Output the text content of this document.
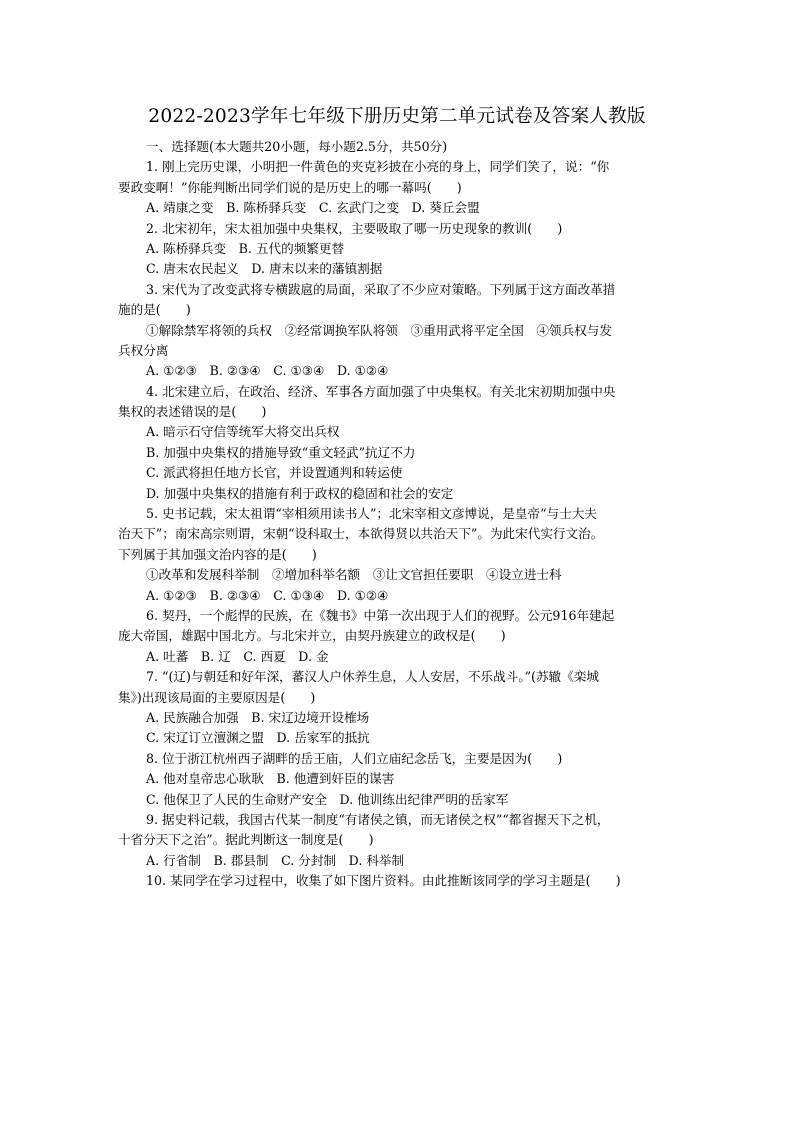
2022-2023学年七年级下册历史第二单元试卷及答案人教版
一、选择题(本大题共20小题，每小题2.5分，共50分)
1. 刚上完历史课，小明把一件黄色的夹克衫披在小亮的身上，同学们笑了，说：“你
要政变啊！”你能判断出同学们说的是历史上的哪一幕吗(　　)
A. 靖康之变　B. 陈桥驿兵变　C. 玄武门之变　D. 葵丘会盟
2. 北宋初年，宋太祖加强中央集权，主要吸取了哪一历史现象的教训(　　)
A. 陈桥驿兵变　B. 五代的频繁更替
C. 唐末农民起义　D. 唐末以来的藩镇割据
3. 宋代为了改变武将专横跋扈的局面，采取了不少应对策略。下列属于这方面改革措
施的是(　　)
①解除禁军将领的兵权　②经常调换军队将领　③重用武将平定全国　④领兵权与发
兵权分离
A. ①②③　B. ②③④　C. ①③④　D. ①②④
4. 北宋建立后，在政治、经济、军事各方面加强了中央集权。有关北宋初期加强中央
集权的表述错误的是(　　)
A. 暗示石守信等统军大将交出兵权
B. 加强中央集权的措施导致“重文轻武”抗辽不力
C. 派武将担任地方长官，并设置通判和转运使
D. 加强中央集权的措施有利于政权的稳固和社会的安定
5. 史书记载，宋太祖谓“宰相须用读书人”；北宋宰相文彦博说，是皇帝“与士大夫
治天下”；南宋高宗则谓，宋朝“设科取士，本欲得贤以共治天下”。为此宋代实行文治。
下列属于其加强文治内容的是(　　)
①改革和发展科举制　②增加科举名额　③让文官担任要职　④设立进士科
A. ①②③　B. ②③④　C. ①③④　D. ①②④
6. 契丹，一个彪悍的民族，在《魏书》中第一次出现于人们的视野。公元916年建起
庞大帝国，雄踞中国北方。与北宋并立，由契丹族建立的政权是(　　)
A. 吐蕃　B. 辽　C. 西夏　D. 金
7. “(辽)与朝廷和好年深，蕃汉人户休养生息，人人安居，不乐战斗。”(苏辙《栾城
集》)出现该局面的主要原因是(　　)
A. 民族融合加强　B. 宋辽边境开设榷场
C. 宋辽订立澶渊之盟　D. 岳家军的抵抗
8. 位于浙江杭州西子湖畔的岳王庙，人们立庙纪念岳飞，主要是因为(　　)
A. 他对皇帝忠心耿耿　B. 他遭到奸臣的谋害
C. 他保卫了人民的生命财产安全　D. 他训练出纪律严明的岳家军
9. 据史料记载，我国古代某一制度“有诸侯之镇，而无诸侯之权”“都省握天下之机，
十省分天下之治”。据此判断这一制度是(　　)
A. 行省制　B. 郡县制　C. 分封制　D. 科举制
10. 某同学在学习过程中，收集了如下图片资料。由此推断该同学的学习主题是(　　)
